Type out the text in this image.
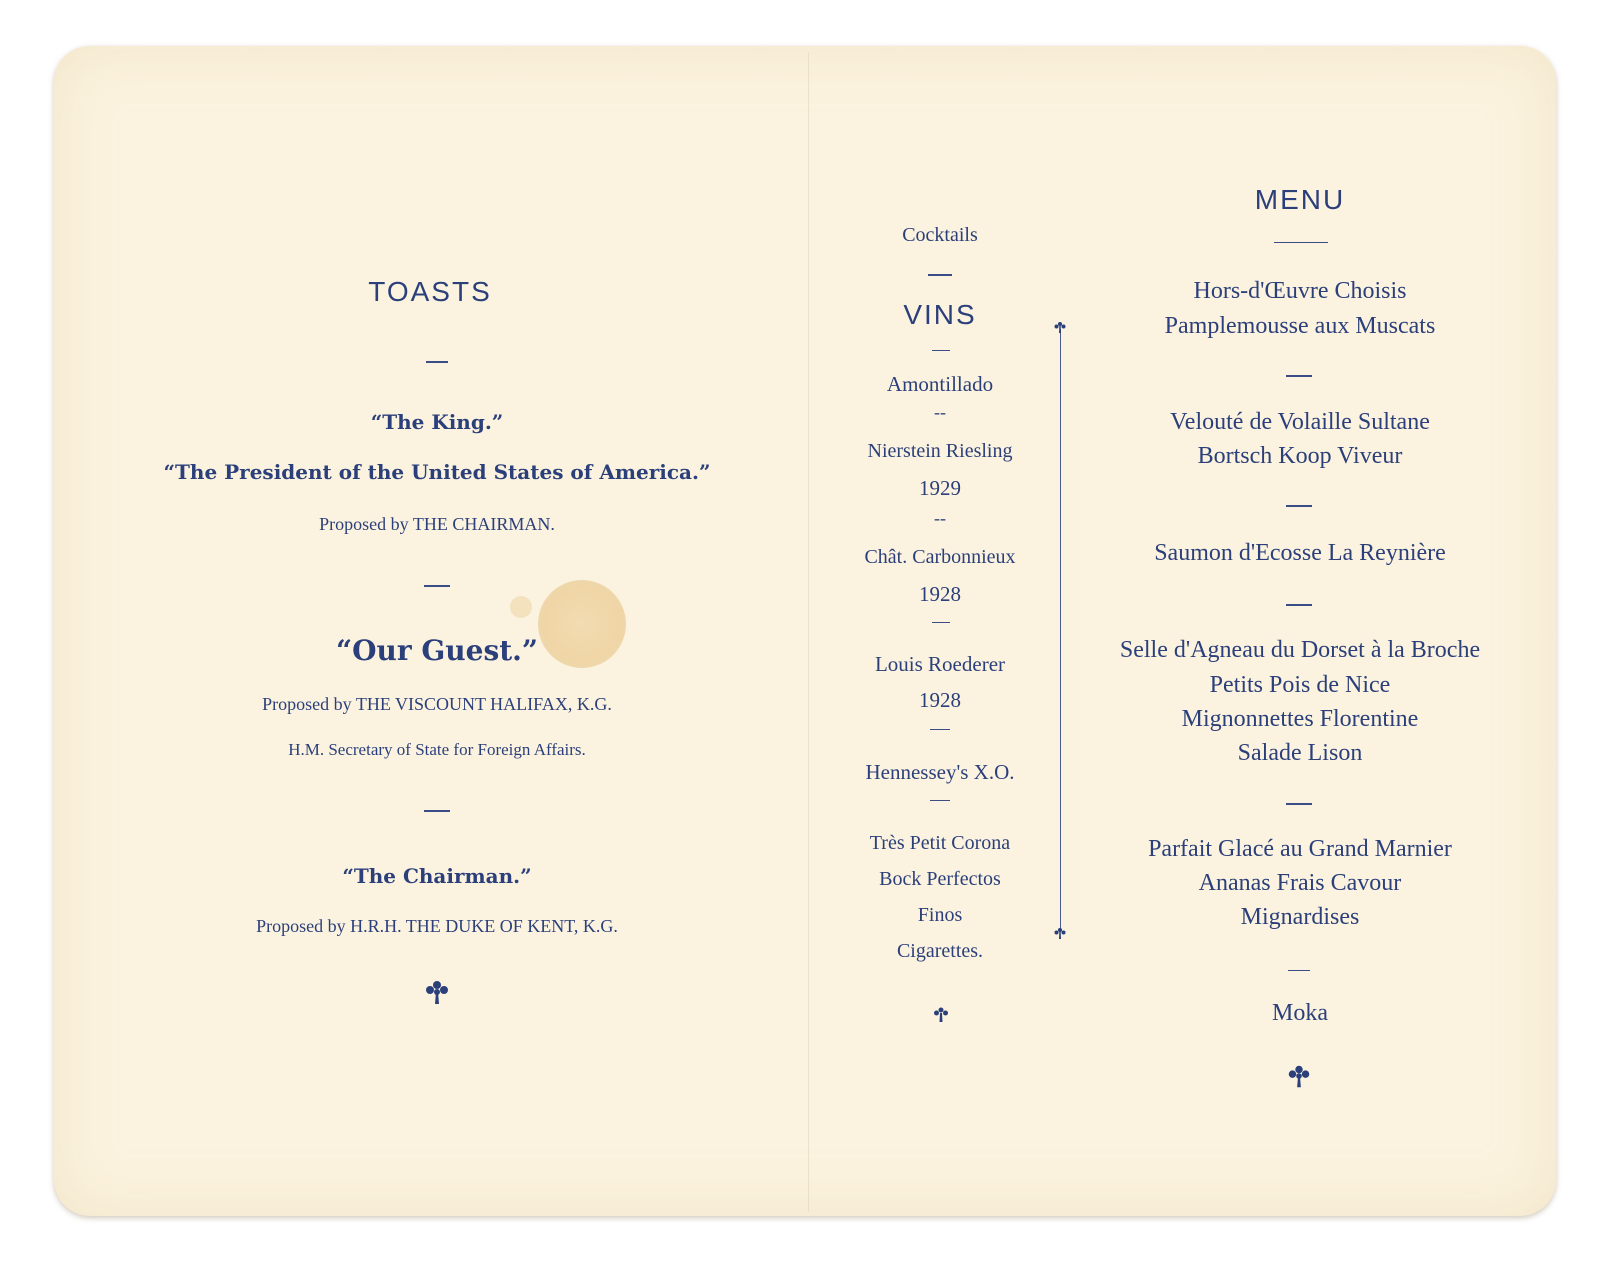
TOASTS
“The King.”
“The President of the United States of America.”
Proposed by THE CHAIRMAN.
“Our Guest.”
Proposed by THE VISCOUNT HALIFAX, K.G.
H.M. Secretary of State for Foreign Affairs.
“The Chairman.”
Proposed by H.R.H. THE DUKE OF KENT, K.G.
Cocktails
VINS
Amontillado
--
Nierstein Riesling
1929
--
Chât. Carbonnieux
1928
Louis Roederer
1928
Hennessey's X.O.
Très Petit Corona
Bock Perfectos
Finos
Cigarettes.
MENU
Hors-d'Œuvre Choisis
Pamplemousse aux Muscats
Velouté de Volaille Sultane
Bortsch Koop Viveur
Saumon d'Ecosse La Reynière
Selle d'Agneau du Dorset à la Broche
Petits Pois de Nice
Mignonnettes Florentine
Salade Lison
Parfait Glacé au Grand Marnier
Ananas Frais Cavour
Mignardises
Moka
